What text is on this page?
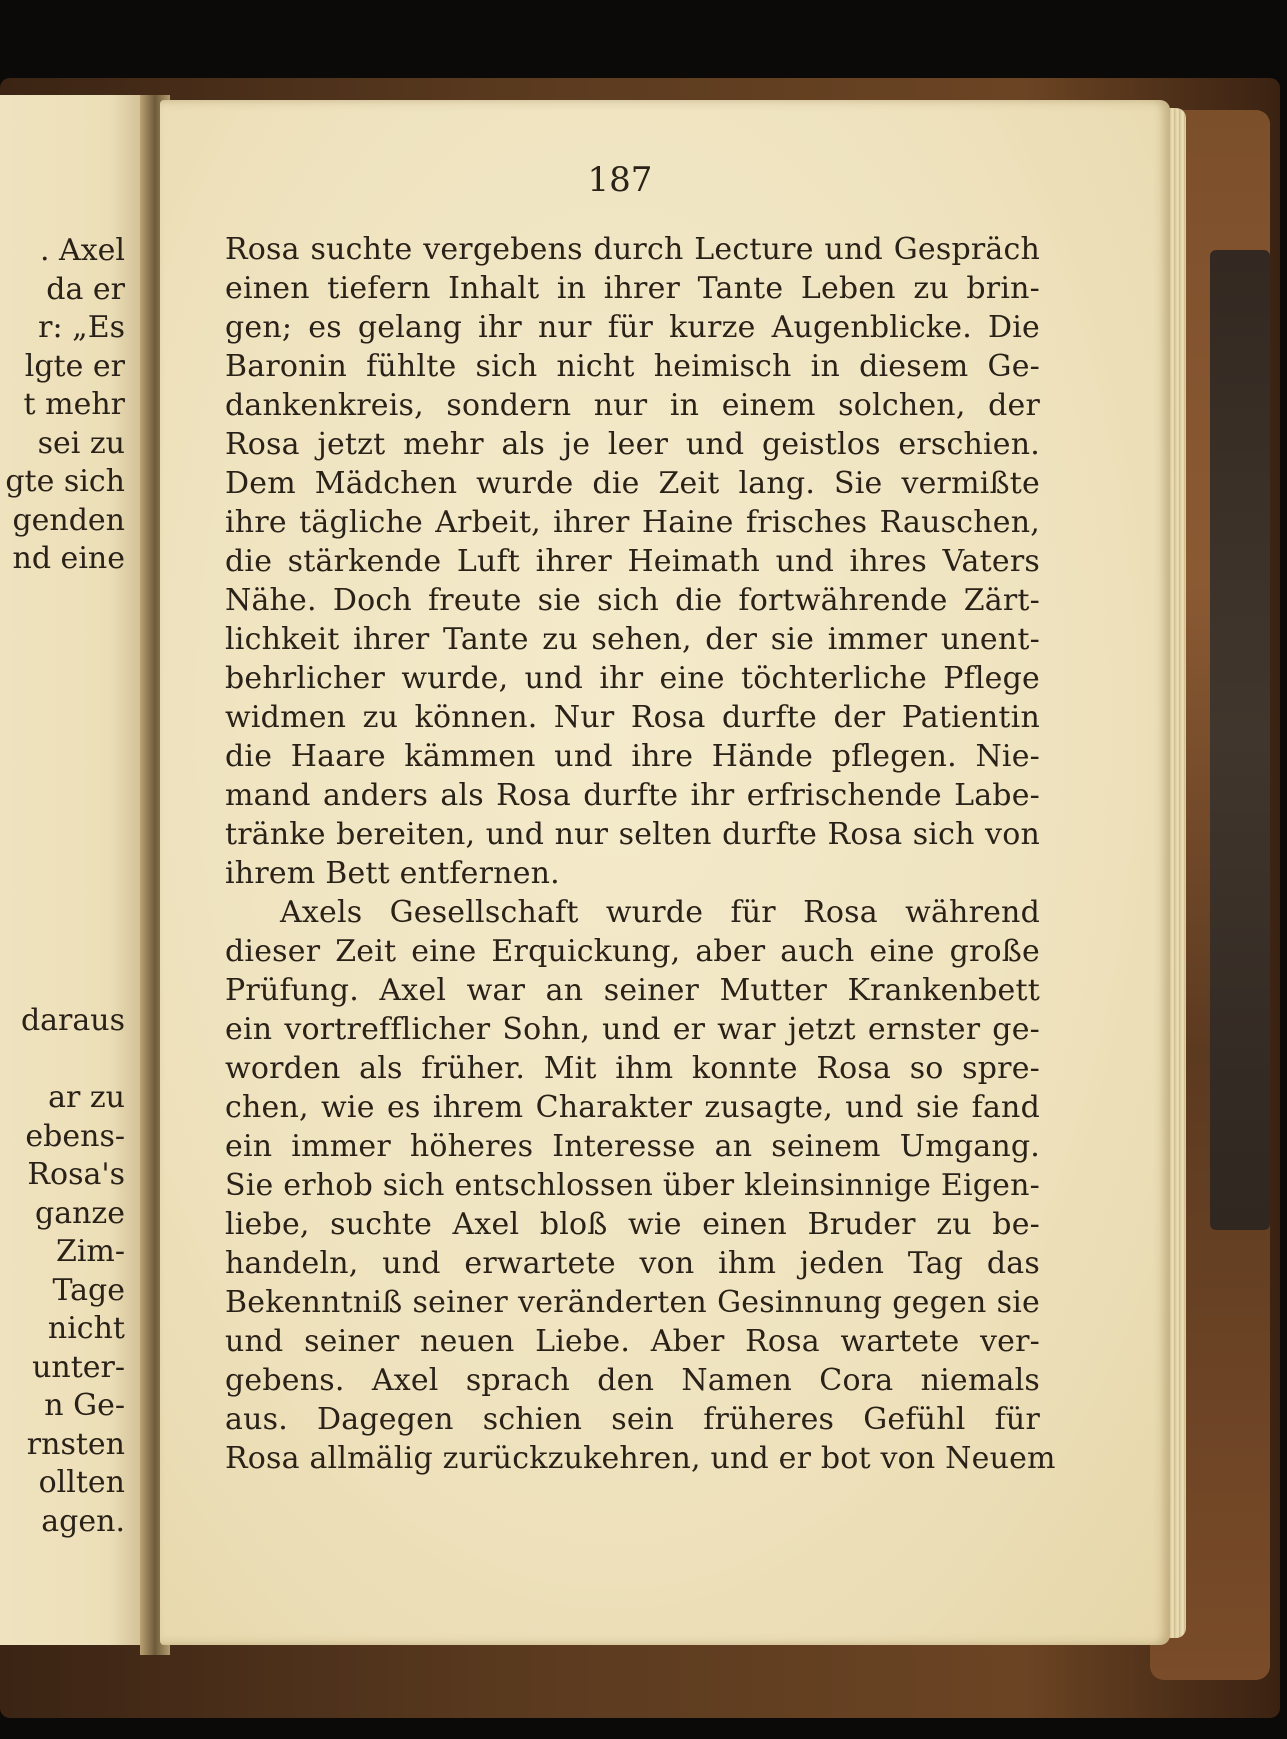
. Axel
da er
r: „Es
lgte er
t mehr
sei zu
gte sich
genden
nd eine
daraus
ar zu
ebens-
Rosa's
ganze
Zim-
Tage
nicht
unter-
n Ge-
rnsten
ollten
agen.
187
Rosa suchte vergebens durch Lecture und Gespräch
einen tiefern Inhalt in ihrer Tante Leben zu brin-
gen; es gelang ihr nur für kurze Augenblicke. Die
Baronin fühlte sich nicht heimisch in diesem Ge-
dankenkreis, sondern nur in einem solchen, der
Rosa jetzt mehr als je leer und geistlos erschien.
Dem Mädchen wurde die Zeit lang. Sie vermißte
ihre tägliche Arbeit, ihrer Haine frisches Rauschen,
die stärkende Luft ihrer Heimath und ihres Vaters
Nähe. Doch freute sie sich die fortwährende Zärt-
lichkeit ihrer Tante zu sehen, der sie immer unent-
behrlicher wurde, und ihr eine töchterliche Pflege
widmen zu können. Nur Rosa durfte der Patientin
die Haare kämmen und ihre Hände pflegen. Nie-
mand anders als Rosa durfte ihr erfrischende Labe-
tränke bereiten, und nur selten durfte Rosa sich von
ihrem Bett entfernen.
Axels Gesellschaft wurde für Rosa während
dieser Zeit eine Erquickung, aber auch eine große
Prüfung. Axel war an seiner Mutter Krankenbett
ein vortrefflicher Sohn, und er war jetzt ernster ge-
worden als früher. Mit ihm konnte Rosa so spre-
chen, wie es ihrem Charakter zusagte, und sie fand
ein immer höheres Interesse an seinem Umgang.
Sie erhob sich entschlossen über kleinsinnige Eigen-
liebe, suchte Axel bloß wie einen Bruder zu be-
handeln, und erwartete von ihm jeden Tag das
Bekenntniß seiner veränderten Gesinnung gegen sie
und seiner neuen Liebe. Aber Rosa wartete ver-
gebens. Axel sprach den Namen Cora niemals
aus. Dagegen schien sein früheres Gefühl für
Rosa allmälig zurückzukehren, und er bot von Neuem
